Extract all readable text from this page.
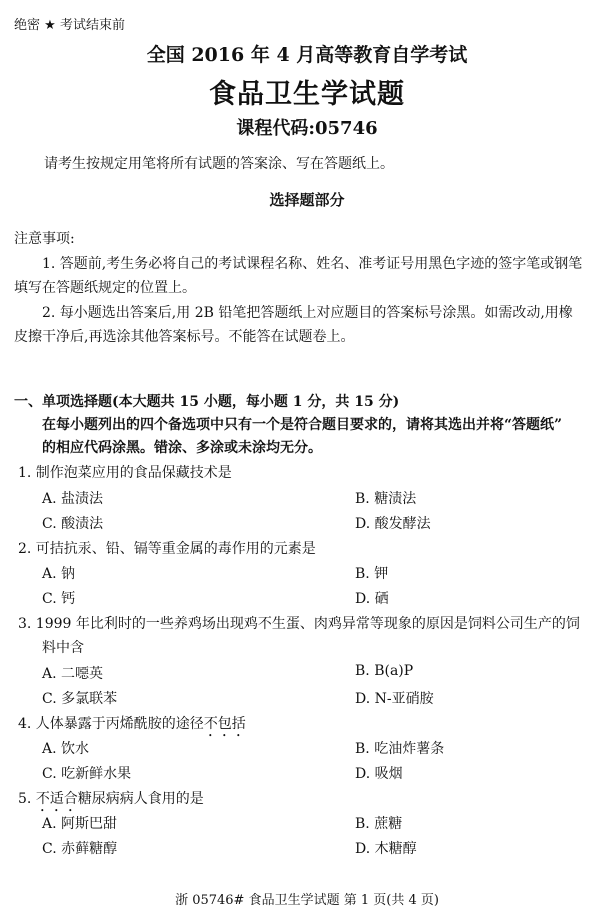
绝密 ★ 考试结束前
全国 2016 年 4 月高等教育自学考试
食品卫生学试题
课程代码:05746
请考生按规定用笔将所有试题的答案涂、写在答题纸上。
选择题部分
注意事项:
1. 答题前,考生务必将自己的考试课程名称、姓名、准考证号用黑色字迹的签字笔或钢笔
填写在答题纸规定的位置上。
2. 每小题选出答案后,用 2B 铅笔把答题纸上对应题目的答案标号涂黑。如需改动,用橡
皮擦干净后,再选涂其他答案标号。不能答在试题卷上。
一、单项选择题(本大题共 15 小题，每小题 1 分，共 15 分)
在每小题列出的四个备选项中只有一个是符合题目要求的，请将其选出并将“答题纸”
的相应代码涂黑。错涂、多涂或未涂均无分。
1. 制作泡菜应用的食品保藏技术是
A. 盐渍法	B. 糖渍法
C. 酸渍法	D. 酸发酵法
2. 可拮抗汞、铅、镉等重金属的毒作用的元素是
A. 钠	B. 钾
C. 钙	D. 硒
3. 1999 年比利时的一些养鸡场出现鸡不生蛋、肉鸡异常等现象的原因是饲料公司生产的饲
料中含
A. 二噁英	B. B(a)P
C. 多氯联苯	D. N-亚硝胺
4. 人体暴露于丙烯酰胺的途径不包括
A. 饮水	B. 吃油炸薯条
C. 吃新鲜水果	D. 吸烟
5. 不适合糖尿病病人食用的是
A. 阿斯巴甜	B. 蔗糖
C. 赤藓糖醇	D. 木糖醇
浙 05746# 食品卫生学试题 第 1 页(共 4 页)
